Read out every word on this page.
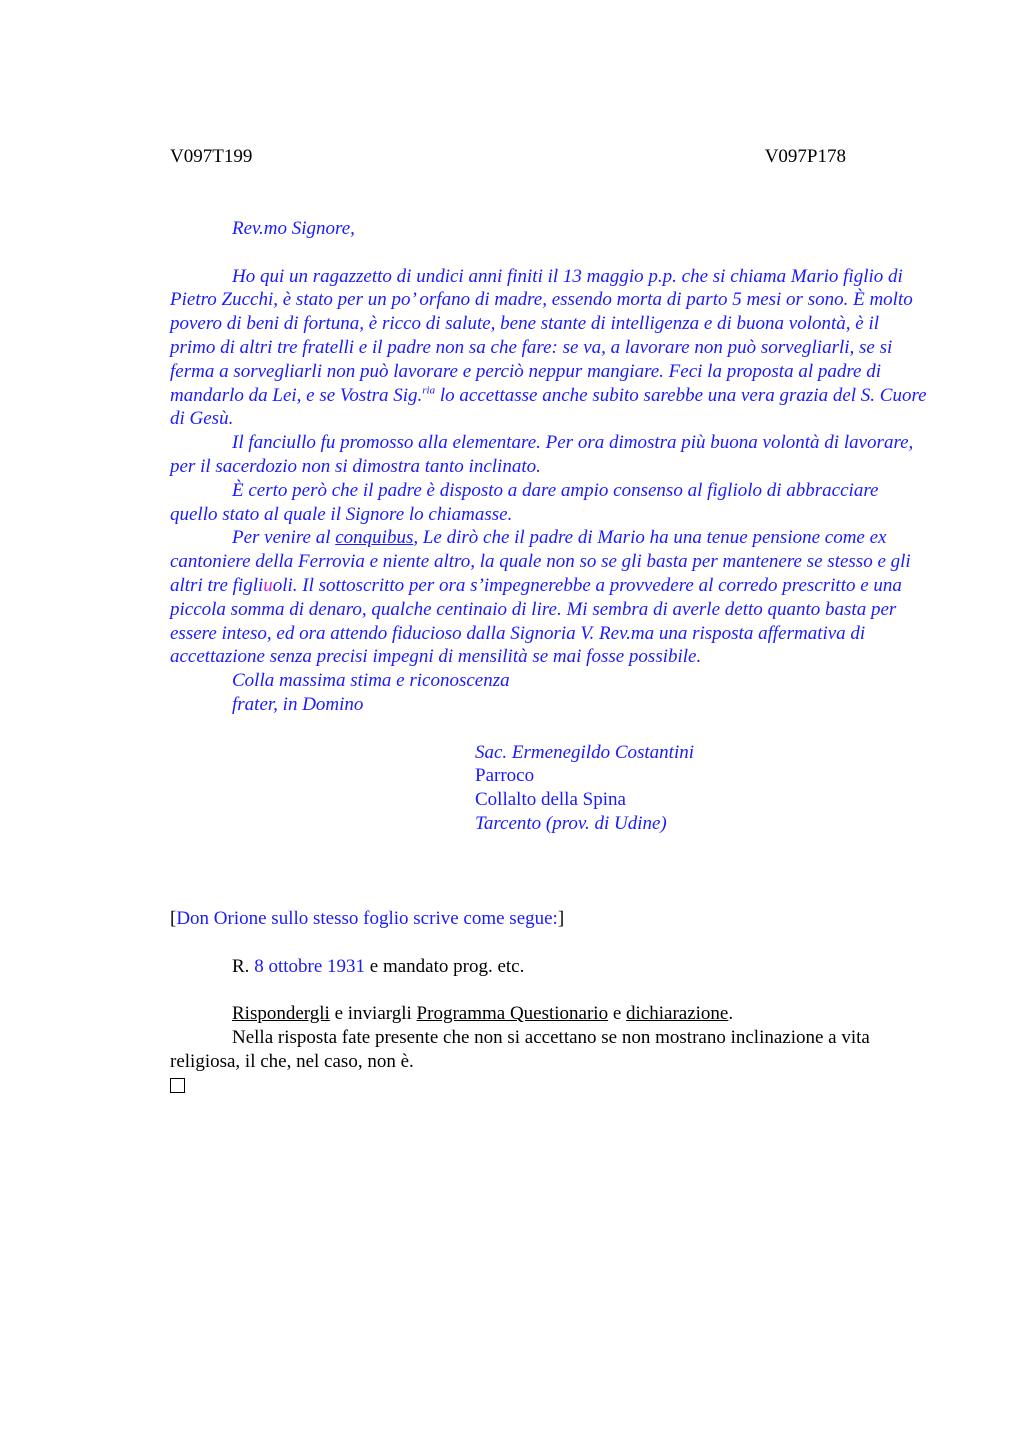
V097T199	V097P178

Rev.mo Signore,

Ho qui un ragazzetto di undici anni finiti il 13 maggio p.p. che si chiama Mario figlio di Pietro Zucchi, è stato per un po’ orfano di madre, essendo morta di parto 5 mesi or sono. È molto povero di beni di fortuna, è ricco di salute, bene stante di intelligenza e di buona volontà, è il primo di altri tre fratelli e il padre non sa che fare: se va, a lavorare non può sorvegliarli, se si ferma a sorvegliarli non può lavorare e perciò neppur mangiare. Feci la proposta al padre di mandarlo da Lei, e se Vostra Sig.$^{ria}$ lo accettasse anche subito sarebbe una vera grazia del S. Cuore di Gesù.

Il fanciullo fu promosso alla elementare. Per ora dimostra più buona volontà di lavorare, per il sacerdozio non si dimostra tanto inclinato.

È certo però che il padre è disposto a dare ampio consenso al figliolo di abbracciare quello stato al quale il Signore lo chiamasse.

Per venire al conquibus, Le dirò che il padre di Mario ha una tenue pensione come ex cantoniere della Ferrovia e niente altro, la quale non so se gli basta per mantenere se stesso e gli altri tre figliuoli. Il sottoscritto per ora s’impegnerebbe a provvedere al corredo prescritto e una piccola somma di denaro, qualche centinaio di lire. Mi sembra di averle detto quanto basta per essere inteso, ed ora attendo fiducioso dalla Signoria V. Rev.ma una risposta affermativa di accettazione senza precisi impegni di mensilità se mai fosse possibile.

Colla massima stima e riconoscenza

frater, in Domino

Sac. Ermenegildo Costantini

Parroco

Collalto della Spina

Tarcento (prov. di Udine)

[Don Orione sullo stesso foglio scrive come segue:]

R. 8 ottobre 1931 e mandato prog. etc.

Rispondergli e inviargli Programma Questionario e dichiarazione.

Nella risposta fate presente che non si accettano se non mostrano inclinazione a vita religiosa, il che, nel caso, non è.
